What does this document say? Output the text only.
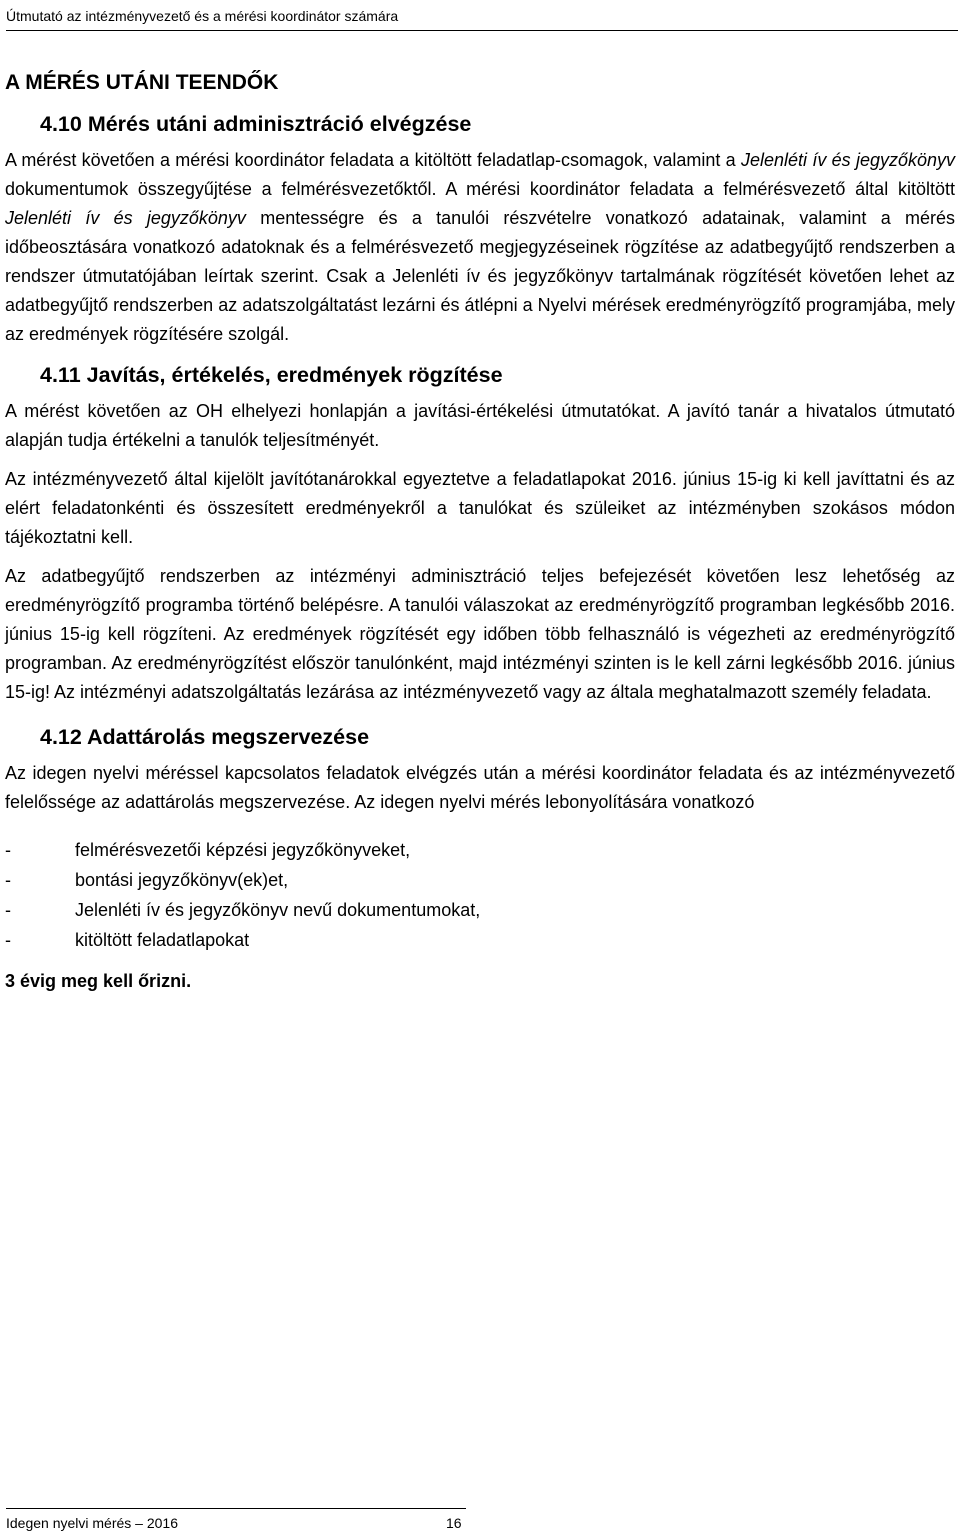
Útmutató az intézményvezető és a mérési koordinátor számára
A MÉRÉS UTÁNI TEENDŐK
4.10 Mérés utáni adminisztráció elvégzése

A mérést követően a mérési koordinátor feladata a kitöltött feladatlap-csomagok, valamint a Jelenléti ív és jegyzőkönyv dokumentumok összegyűjtése a felmérésvezetőktől. A mérési koordinátor feladata a felmérésvezető által kitöltött Jelenléti ív és jegyzőkönyv mentességre és a tanulói részvételre vonatkozó adatainak, valamint a mérés időbeosztására vonatkozó adatoknak és a felmérésvezető megjegyzéseinek rögzítése az adatbegyűjtő rendszerben a rendszer útmutatójában leírtak szerint. Csak a Jelenléti ív és jegyzőkönyv tartalmának rögzítését követően lehet az adatbegyűjtő rendszerben az adatszolgáltatást lezárni és átlépni a Nyelvi mérések eredményrögzítő programjába, mely az eredmények rögzítésére szolgál.

4.11 Javítás, értékelés, eredmények rögzítése

A mérést követően az OH elhelyezi honlapján a javítási-értékelési útmutatókat. A javító tanár a hivatalos útmutató alapján tudja értékelni a tanulók teljesítményét.

Az intézményvezető által kijelölt javítótanárokkal egyeztetve a feladatlapokat 2016. június 15-ig ki kell javíttatni és az elért feladatonkénti és összesített eredményekről a tanulókat és szüleiket az intézményben szokásos módon tájékoztatni kell.

Az adatbegyűjtő rendszerben az intézményi adminisztráció teljes befejezését követően lesz lehetőség az eredményrögzítő programba történő belépésre. A tanulói válaszokat az eredményrögzítő programban legkésőbb 2016. június 15-ig kell rögzíteni. Az eredmények rögzítését egy időben több felhasználó is végezheti az eredményrögzítő programban. Az eredményrögzítést először tanulónként, majd intézményi szinten is le kell zárni legkésőbb 2016. június 15-ig! Az intézményi adatszolgáltatás lezárása az intézményvezető vagy az általa meghatalmazott személy feladata.

4.12 Adattárolás megszervezése

Az idegen nyelvi méréssel kapcsolatos feladatok elvégzés után a mérési koordinátor feladata és az intézményvezető felelőssége az adattárolás megszervezése. Az idegen nyelvi mérés lebonyolítására vonatkozó

-	felmérésvezetői képzési jegyzőkönyveket,
-	bontási jegyzőkönyv(ek)et,
-	Jelenléti ív és jegyzőkönyv nevű dokumentumokat,
-	kitöltött feladatlapokat
3 évig meg kell őrizni.
Idegen nyelvi mérés – 2016	16
